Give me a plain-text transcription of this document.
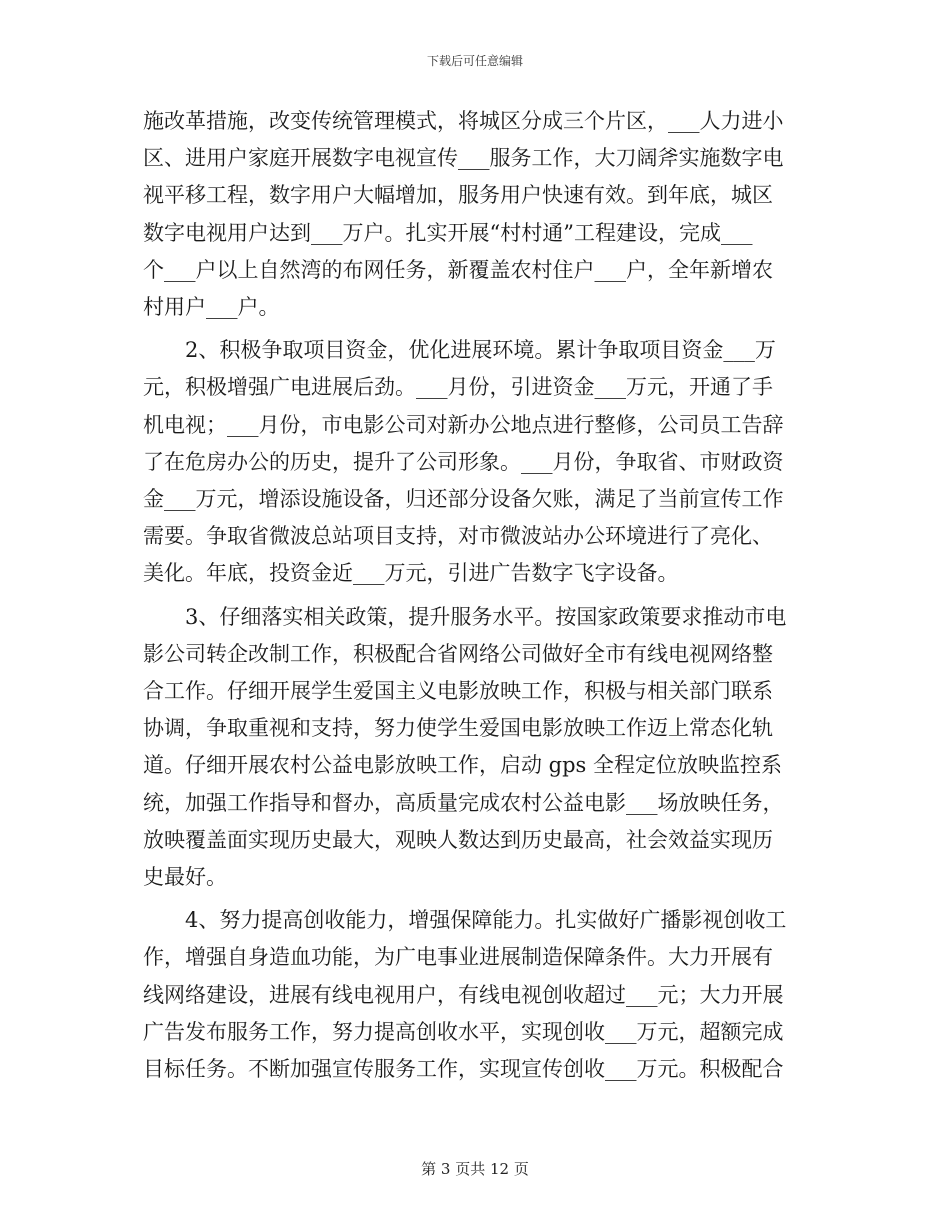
下载后可任意编辑

施改革措施，改变传统管理模式，将城区分成三个片区，___人力进小
区、进用户家庭开展数字电视宣传___服务工作，大刀阔斧实施数字电
视平移工程，数字用户大幅增加，服务用户快速有效。到年底，城区
数字电视用户达到___万户。扎实开展“村村通”工程建设，完成___
个___户以上自然湾的布网任务，新覆盖农村住户___户，全年新增农
村用户___户。

　　2、积极争取项目资金，优化进展环境。累计争取项目资金___万
元，积极增强广电进展后劲。___月份，引进资金___万元，开通了手
机电视；___月份，市电影公司对新办公地点进行整修，公司员工告辞
了在危房办公的历史，提升了公司形象。___月份，争取省、市财政资
金___万元，增添设施设备，归还部分设备欠账，满足了当前宣传工作
需要。争取省微波总站项目支持，对市微波站办公环境进行了亮化、
美化。年底，投资金近___万元，引进广告数字飞字设备。

　　3、仔细落实相关政策，提升服务水平。按国家政策要求推动市电
影公司转企改制工作，积极配合省网络公司做好全市有线电视网络整
合工作。仔细开展学生爱国主义电影放映工作，积极与相关部门联系
协调，争取重视和支持，努力使学生爱国电影放映工作迈上常态化轨
道。仔细开展农村公益电影放映工作，启动 gps 全程定位放映监控系
统，加强工作指导和督办，高质量完成农村公益电影___场放映任务，
放映覆盖面实现历史最大，观映人数达到历史最高，社会效益实现历
史最好。

　　4、努力提高创收能力，增强保障能力。扎实做好广播影视创收工
作，增强自身造血功能，为广电事业进展制造保障条件。大力开展有
线网络建设，进展有线电视用户，有线电视创收超过___元；大力开展
广告发布服务工作，努力提高创收水平，实现创收___万元，超额完成
目标任务。不断加强宣传服务工作，实现宣传创收___万元。积极配合

第 3 页共 12 页
